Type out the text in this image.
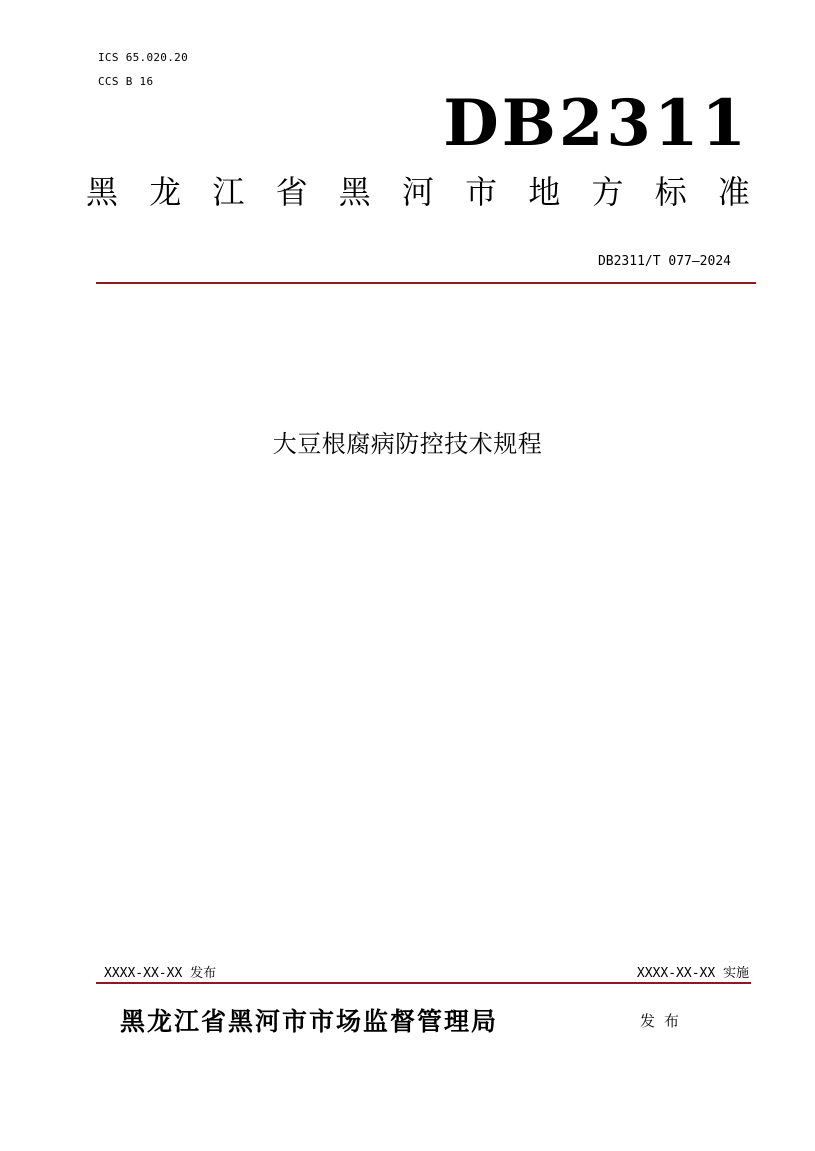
ICS 65.020.20
CCS B 16
DB2311
黑 龙 江 省 黑 河 市 地 方 标 准
DB2311/T 077—2024
大豆根腐病防控技术规程
XXXX-XX-XX 发布	XXXX-XX-XX 实施
黑龙江省黑河市市场监督管理局	发布
